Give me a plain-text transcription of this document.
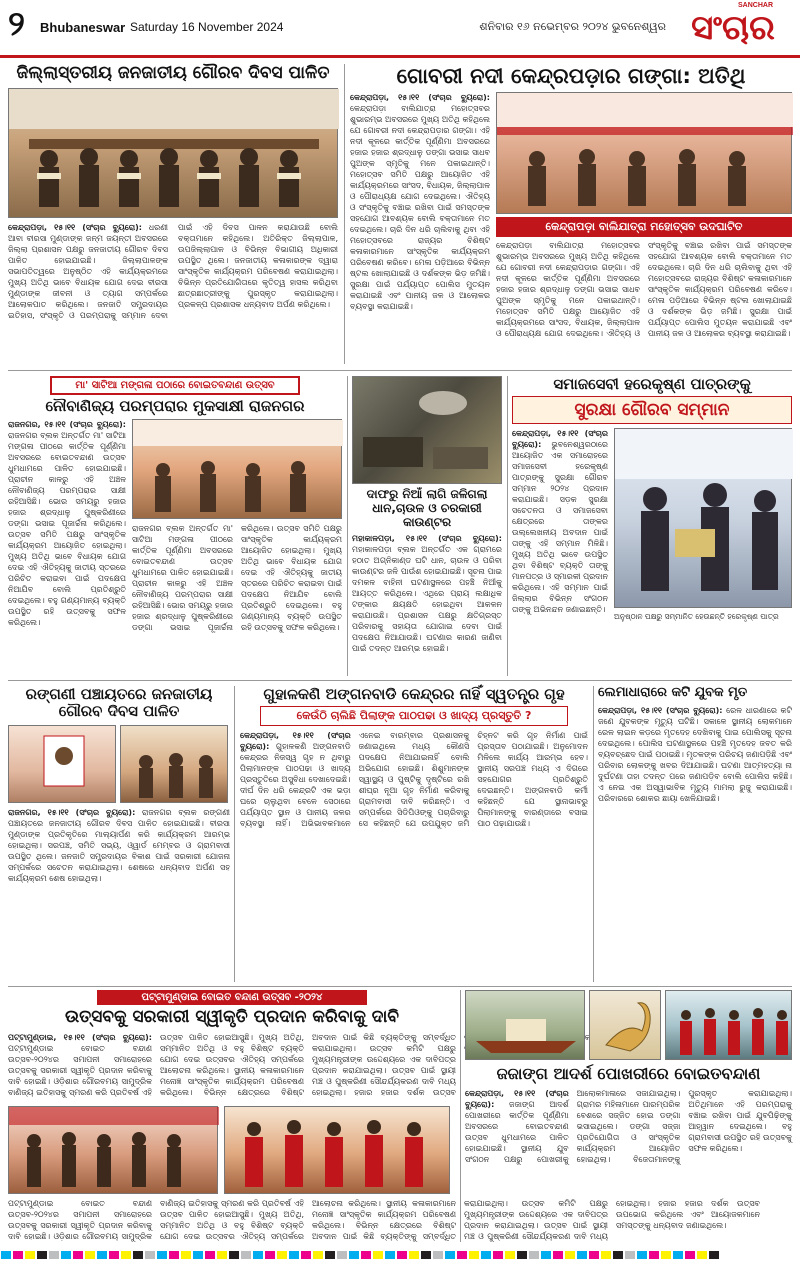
୨ Bhubaneswar Saturday 16 November 2024	ଶନିବାର ୧୬ ନଭେମ୍ବର ୨୦୨୪ ଭୁବନେଶ୍ୱର ସଂଚାର
SANCHAR
ଜିଲ୍ଲାସ୍ତରୀୟ ଜନଜାତୀୟ ଗୌରବ ଦିବସ ପାଳିତ
କେନ୍ଦ୍ରାପଡ଼ା, ୧୫।୧୧ (ସଂଚାର ବ୍ୟୁରୋ): ଧରଣୀ ଆବା ବୀରସା ମୁଣ୍ଡାଙ୍କ ଜନ୍ମ ଜୟନ୍ତୀ ଅବସରରେ ଜିଲ୍ଲା ପ୍ରଶାସନ ପକ୍ଷରୁ ଜନଜାତୀୟ ଗୌରବ ଦିବସ ପାଳିତ ହୋଇଯାଇଛି। ଜିଲ୍ଲାପାଳଙ୍କ ସଭାପତିତ୍ୱରେ ଅନୁଷ୍ଠିତ ଏହି କାର୍ଯ୍ୟକ୍ରମରେ ମୁଖ୍ୟ ଅତିଥି ଭାବେ ବିଧାୟକ ଯୋଗ ଦେଇ ବୀରସା ମୁଣ୍ଡାଙ୍କ ଜୀବନୀ ଓ ତ୍ୟାଗ ସମ୍ପର୍କରେ ଆଲୋକପାତ କରିଥିଲେ। ଜନଜାତି ସମ୍ପ୍ରଦାୟର ଇତିହାସ, ସଂସ୍କୃତି ଓ ପରମ୍ପରାକୁ ସମ୍ମାନ ଦେବା ପାଇଁ ଏହି ଦିବସ ପାଳନ କରାଯାଉଛି ବୋଲି ବକ୍ତାମାନେ କହିଥିଲେ। ଅତିରିକ୍ତ ଜିଲ୍ଲାପାଳ, ଉପଜିଲ୍ଲାପାଳ ଓ ବିଭିନ୍ନ ବିଭାଗୀୟ ଅଧିକାରୀ ଉପସ୍ଥିତ ଥିଲେ। ଜନଜାତୀୟ କଳାକାରଙ୍କ ଦ୍ୱାରା ସାଂସ୍କୃତିକ କାର୍ଯ୍ୟକ୍ରମ ପରିବେଷଣ କରାଯାଇଥିଲା। ବିଭିନ୍ନ ପ୍ରତିଯୋଗିତାରେ କୃତିତ୍ୱ ହାସଲ କରିଥିବା ଛାତ୍ରଛାତ୍ରୀଙ୍କୁ ପୁରସ୍କୃତ କରାଯାଇଥିଲା। ପ୍ରକଳ୍ପ ପ୍ରଶାସକ ଧନ୍ୟବାଦ ଅର୍ପଣ କରିଥିଲେ।
ଗୋବରୀ ନଦୀ କେନ୍ଦ୍ରପଡ଼ାର ଗଙ୍ଗା: ଅତିଥି
କେନ୍ଦ୍ରାପଡ଼ା, ୧୫।୧୧ (ସଂଚାର ବ୍ୟୁରୋ): କେନ୍ଦ୍ରାପଡ଼ା ବାଲିଯାତ୍ରା ମହୋତ୍ସବର ଶୁଭାରମ୍ଭ ଅବସରରେ ମୁଖ୍ୟ ଅତିଥି କହିଥିଲେ ଯେ ଗୋବରୀ ନଦୀ କେନ୍ଦ୍ରାପଡ଼ାର ଗଙ୍ଗା। ଏହି ନଦୀ କୂଳରେ କାର୍ତ୍ତିକ ପୂର୍ଣ୍ଣିମା ଅବସରରେ ହଜାର ହଜାର ଶ୍ରଦ୍ଧାଳୁ ଡଙ୍ଗା ଭସାଇ ସାଧବ ପୁଅଙ୍କ ସ୍ମୃତିକୁ ମନେ ପକାଇଥାନ୍ତି। ମହୋତ୍ସବ ସମିତି ପକ୍ଷରୁ ଆୟୋଜିତ ଏହି କାର୍ଯ୍ୟକ୍ରମରେ ସାଂସଦ, ବିଧାୟକ, ଜିଲ୍ଲାପାଳ ଓ ପୌରାଧ୍ୟକ୍ଷ ଯୋଗ ଦେଇଥିଲେ। ଐତିହ୍ୟ ଓ ସଂସ୍କୃତିକୁ ବଞ୍ଚାଇ ରଖିବା ପାଇଁ ସମସ୍ତଙ୍କ ସହଯୋଗ ଆବଶ୍ୟକ ବୋଲି ବକ୍ତାମାନେ ମତ ଦେଇଥିଲେ। ଚାରି ଦିନ ଧରି ଚାଲିବାକୁ ଥିବା ଏହି ମହୋତ୍ସବରେ ରାଜ୍ୟର ବିଶିଷ୍ଟ କଳାକାରମାନେ ସାଂସ୍କୃତିକ କାର୍ଯ୍ୟକ୍ରମ ପରିବେଷଣ କରିବେ। ମେଳା ପଡ଼ିଆରେ ବିଭିନ୍ନ ଷ୍ଟଲ ଖୋଲାଯାଇଛି ଓ ଦର୍ଶକଙ୍କ ଭିଡ଼ ଜମିଛି। ସୁରକ୍ଷା ପାଇଁ ପର୍ଯ୍ୟାପ୍ତ ପୋଲିସ ମୁତୟନ କରାଯାଇଛି ଏବଂ ପାନୀୟ ଜଳ ଓ ଆଲୋକର ବ୍ୟବସ୍ଥା କରାଯାଇଛି।
କେନ୍ଦ୍ରାପଡ଼ା ବାଲିଯାତ୍ରା ମହୋତ୍ସବ ଉଦଘାଟିତ
କେନ୍ଦ୍ରାପଡ଼ା ବାଲିଯାତ୍ରା ମହୋତ୍ସବର ଶୁଭାରମ୍ଭ ଅବସରରେ ମୁଖ୍ୟ ଅତିଥି କହିଥିଲେ ଯେ ଗୋବରୀ ନଦୀ କେନ୍ଦ୍ରାପଡ଼ାର ଗଙ୍ଗା। ଏହି ନଦୀ କୂଳରେ କାର୍ତ୍ତିକ ପୂର୍ଣ୍ଣିମା ଅବସରରେ ହଜାର ହଜାର ଶ୍ରଦ୍ଧାଳୁ ଡଙ୍ଗା ଭସାଇ ସାଧବ ପୁଅଙ୍କ ସ୍ମୃତିକୁ ମନେ ପକାଇଥାନ୍ତି। ମହୋତ୍ସବ ସମିତି ପକ୍ଷରୁ ଆୟୋଜିତ ଏହି କାର୍ଯ୍ୟକ୍ରମରେ ସାଂସଦ, ବିଧାୟକ, ଜିଲ୍ଲାପାଳ ଓ ପୌରାଧ୍ୟକ୍ଷ ଯୋଗ ଦେଇଥିଲେ। ଐତିହ୍ୟ ଓ ସଂସ୍କୃତିକୁ ବଞ୍ଚାଇ ରଖିବା ପାଇଁ ସମସ୍ତଙ୍କ ସହଯୋଗ ଆବଶ୍ୟକ ବୋଲି ବକ୍ତାମାନେ ମତ ଦେଇଥିଲେ। ଚାରି ଦିନ ଧରି ଚାଲିବାକୁ ଥିବା ଏହି ମହୋତ୍ସବରେ ରାଜ୍ୟର ବିଶିଷ୍ଟ କଳାକାରମାନେ ସାଂସ୍କୃତିକ କାର୍ଯ୍ୟକ୍ରମ ପରିବେଷଣ କରିବେ। ମେଳା ପଡ଼ିଆରେ ବିଭିନ୍ନ ଷ୍ଟଲ ଖୋଲାଯାଇଛି ଓ ଦର୍ଶକଙ୍କ ଭିଡ଼ ଜମିଛି। ସୁରକ୍ଷା ପାଇଁ ପର୍ଯ୍ୟାପ୍ତ ପୋଲିସ ମୁତୟନ କରାଯାଇଛି ଏବଂ ପାନୀୟ ଜଳ ଓ ଆଲୋକର ବ୍ୟବସ୍ଥା କରାଯାଇଛି।
ମା' ସାଟିଆ ମଙ୍ଗଳା ପଠାରେ ବୋଇତବନ୍ଦାଣ ଉତ୍ସବ
ନୌବାଣିଜ୍ୟ ପରମ୍ପରାର ମୁକସାକ୍ଷୀ ରାଜନଗର
ରାଜନଗର, ୧୫।୧୧ (ସଂଚାର ବ୍ୟୁରୋ): ରାଜନଗର ବ୍ଲକ ଅନ୍ତର୍ଗତ ମା' ସାଟିଆ ମଙ୍ଗଳା ପୀଠରେ କାର୍ତ୍ତିକ ପୂର୍ଣ୍ଣିମା ଅବସରରେ ବୋଇତବନ୍ଦାଣ ଉତ୍ସବ ଧୁମଧାମରେ ପାଳିତ ହୋଇଯାଇଛି। ପ୍ରାଚୀନ କାଳରୁ ଏହି ଅଞ୍ଚଳ ନୌବାଣିଜ୍ୟ ପରମ୍ପରାର ସାକ୍ଷୀ ରହିଆସିଛି। ଭୋର ସମୟରୁ ହଜାର ହଜାର ଶ୍ରଦ୍ଧାଳୁ ପୁଷ୍କରିଣୀରେ ଡଙ୍ଗା ଭସାଇ ପୂଜାର୍ଚ୍ଚନା କରିଥିଲେ। ଉତ୍ସବ ସମିତି ପକ୍ଷରୁ ସାଂସ୍କୃତିକ କାର୍ଯ୍ୟକ୍ରମ ଆୟୋଜିତ ହୋଇଥିଲା। ମୁଖ୍ୟ ଅତିଥି ଭାବେ ବିଧାୟକ ଯୋଗ ଦେଇ ଏହି ଐତିହ୍ୟକୁ ଜାତୀୟ ସ୍ତରରେ ପରିଚିତ କରାଇବା ପାଇଁ ପଦକ୍ଷେପ ନିଆଯିବ ବୋଲି ପ୍ରତିଶ୍ରୁତି ଦେଇଥିଲେ। ବହୁ ଗଣ୍ୟମାନ୍ୟ ବ୍ୟକ୍ତି ଉପସ୍ଥିତ ରହି ଉତ୍ସବକୁ ସଫଳ କରିଥିଲେ।
ରାଜନଗର ବ୍ଲକ ଅନ୍ତର୍ଗତ ମା' ସାଟିଆ ମଙ୍ଗଳା ପୀଠରେ କାର୍ତ୍ତିକ ପୂର୍ଣ୍ଣିମା ଅବସରରେ ବୋଇତବନ୍ଦାଣ ଉତ୍ସବ ଧୁମଧାମରେ ପାଳିତ ହୋଇଯାଇଛି। ପ୍ରାଚୀନ କାଳରୁ ଏହି ଅଞ୍ଚଳ ନୌବାଣିଜ୍ୟ ପରମ୍ପରାର ସାକ୍ଷୀ ରହିଆସିଛି। ଭୋର ସମୟରୁ ହଜାର ହଜାର ଶ୍ରଦ୍ଧାଳୁ ପୁଷ୍କରିଣୀରେ ଡଙ୍ଗା ଭସାଇ ପୂଜାର୍ଚ୍ଚନା କରିଥିଲେ। ଉତ୍ସବ ସମିତି ପକ୍ଷରୁ ସାଂସ୍କୃତିକ କାର୍ଯ୍ୟକ୍ରମ ଆୟୋଜିତ ହୋଇଥିଲା। ମୁଖ୍ୟ ଅତିଥି ଭାବେ ବିଧାୟକ ଯୋଗ ଦେଇ ଏହି ଐତିହ୍ୟକୁ ଜାତୀୟ ସ୍ତରରେ ପରିଚିତ କରାଇବା ପାଇଁ ପଦକ୍ଷେପ ନିଆଯିବ ବୋଲି ପ୍ରତିଶ୍ରୁତି ଦେଇଥିଲେ। ବହୁ ଗଣ୍ୟମାନ୍ୟ ବ୍ୟକ୍ତି ଉପସ୍ଥିତ ରହି ଉତ୍ସବକୁ ସଫଳ କରିଥିଲେ।
ଦାଫରୁ ନିଆଁ ଲାଗି ଜଳିଗଲା ଧାନ,ଚାଉଳ ଓ ଚରକାରୀ କାଉଣ୍ଟର
ମହାକାଳପଡ଼ା, ୧୫।୧୧ (ସଂଚାର ବ୍ୟୁରୋ): ମହାକାଳପଡ଼ା ବ୍ଲକ ଅନ୍ତର୍ଗତ ଏକ ଗ୍ରାମରେ ହଠାତ ଅଗ୍ନିକାଣ୍ଡ ଘଟି ଧାନ, ଚାଉଳ ଓ ପରିବା କାଉଣ୍ଟର ଜଳି ପାଉଁଶ ହୋଇଯାଇଛି। ସୂଚନା ପାଇ ଦମକଳ ବାହିନୀ ଘଟଣାସ୍ଥଳରେ ପହଞ୍ଚି ନିଆଁକୁ ଆୟତ୍ତ କରିଥିଲେ। ଏଥିରେ ପ୍ରାୟ ଲକ୍ଷାଧିକ ଟଙ୍କାର କ୍ଷୟକ୍ଷତି ହୋଇଥିବା ଆକଳନ କରାଯାଉଛି। ପ୍ରଶାସନ ପକ୍ଷରୁ କ୍ଷତିଗ୍ରସ୍ତ ପରିବାରକୁ ସହାୟତା ଯୋଗାଇ ଦେବା ପାଇଁ ପଦକ୍ଷେପ ନିଆଯାଉଛି। ଘଟଣାର କାରଣ ଜାଣିବା ପାଇଁ ତଦନ୍ତ ଆରମ୍ଭ ହୋଇଛି।
ସମାଜସେବୀ ହରେକୃଷ୍ଣ ପାତ୍ରଙ୍କୁ
ସୁରକ୍ଷା ଗୌରବ ସମ୍ମାନ
କେନ୍ଦ୍ରାପଡ଼ା, ୧୫।୧୧ (ସଂଚାର ବ୍ୟୁରୋ): ଭୁବନେଶ୍ୱରଠାରେ ଆୟୋଜିତ ଏକ ସମାରୋହରେ ସମାଜସେବୀ ହରେକୃଷ୍ଣ ପାତ୍ରଙ୍କୁ ସୁରକ୍ଷା ଗୌରବ ସମ୍ମାନ ୨୦୨୪ ପ୍ରଦାନ କରାଯାଇଛି। ସଡ଼କ ସୁରକ୍ଷା ସଚେତନତା ଓ ସମାଜସେବା କ୍ଷେତ୍ରରେ ତାଙ୍କର ଉଲ୍ଲେଖନୀୟ ଅବଦାନ ପାଇଁ ତାଙ୍କୁ ଏହି ସମ୍ମାନ ମିଳିଛି। ମୁଖ୍ୟ ଅତିଥି ଭାବେ ଉପସ୍ଥିତ ଥିବା ବିଶିଷ୍ଟ ବ୍ୟକ୍ତି ତାଙ୍କୁ ମାନପତ୍ର ଓ ସ୍ମାରକୀ ପ୍ରଦାନ କରିଥିଲେ। ଏହି ସମ୍ମାନ ପାଇଁ ଜିଲ୍ଲାର ବିଭିନ୍ନ ସଂଗଠନ ତାଙ୍କୁ ଅଭିନନ୍ଦନ ଜଣାଇଛନ୍ତି।
ଅନୁଷ୍ଠାନ ପକ୍ଷରୁ ସମ୍ମାନିତ ହେଉଛନ୍ତି ହରେକୃଷ୍ଣ ପାତ୍ର
ରଙ୍ଗଣୀ ପଞ୍ଚାୟତରେ ଜନଜାତୀୟ ଗୌରବ ଦିବସ ପାଳିତ
ରାଜନଗର, ୧୫।୧୧ (ସଂଚାର ବ୍ୟୁରୋ): ରାଜନଗର ବ୍ଲକ ରଙ୍ଗଣୀ ପଞ୍ଚାୟତରେ ଜନଜାତୀୟ ଗୌରବ ଦିବସ ପାଳିତ ହୋଇଯାଇଛି। ବୀରସା ମୁଣ୍ଡାଙ୍କ ପ୍ରତିକୃତିରେ ମାଲ୍ୟାର୍ପଣ କରି କାର୍ଯ୍ୟକ୍ରମ ଆରମ୍ଭ ହୋଇଥିଲା। ସରପଞ୍ଚ, ସମିତି ସଭ୍ୟ, ଓ୍ୱାର୍ଡ ମେମ୍ବର ଓ ଗ୍ରାମବାସୀ ଉପସ୍ଥିତ ଥିଲେ। ଜନଜାତି ସମ୍ପ୍ରଦାୟର ବିକାଶ ପାଇଁ ସରକାରୀ ଯୋଜନା ସମ୍ପର୍କରେ ସଚେତନ କରାଯାଇଥିଲା। ଶେଷରେ ଧନ୍ୟବାଦ ଅର୍ପଣ ସହ କାର୍ଯ୍ୟକ୍ରମ ଶେଷ ହୋଇଥିଲା।
ଗୁହାଳକଣି ଅଙ୍ଗନବାଡି କେନ୍ଦ୍ରର ନାହିଁ ସ୍ୱତନ୍ତ୍ର ଗୃହ
କେଉଁଠି ଚାଲିଛି ପିଲାଙ୍କ ପାଠପଢା ଓ ଖାଦ୍ୟ ପ୍ରସ୍ତୁତି ?
କେନ୍ଦ୍ରାପଡ଼ା, ୧୫।୧୧ (ସଂଚାର ବ୍ୟୁରୋ): ଗୁହାଳକଣି ଅଙ୍ଗନବାଡି କେନ୍ଦ୍ରର ନିଜସ୍ୱ ଗୃହ ନ ଥିବାରୁ ପିଲାମାନଙ୍କ ପାଠପଢା ଓ ଖାଦ୍ୟ ପ୍ରସ୍ତୁତିରେ ଅସୁବିଧା ଦେଖାଦେଇଛି। ଦୀର୍ଘ ଦିନ ଧରି କେନ୍ଦ୍ରଟି ଏକ ଭଡ଼ା ଘରେ ଚାଲୁଥିବା ବେଳେ ସେଠାରେ ପର୍ଯ୍ୟାପ୍ତ ସ୍ଥାନ ଓ ପାନୀୟ ଜଳର ବ୍ୟବସ୍ଥା ନାହିଁ। ଅଭିଭାବକମାନେ ଏନେଇ ବାରମ୍ବାର ପ୍ରଶାସନକୁ ଜଣାଇଥିଲେ ମଧ୍ୟ କୌଣସି ପଦକ୍ଷେପ ନିଆଯାଇନାହିଁ ବୋଲି ଅଭିଯୋଗ ହୋଇଛି। ଶିଶୁମାନଙ୍କ ସ୍ୱାସ୍ଥ୍ୟ ଓ ପୁଷ୍ଟିକୁ ଦୃଷ୍ଟିରେ ରଖି ଶୀଘ୍ର ନୂଆ ଗୃହ ନିର୍ମାଣ କରିବାକୁ ଗ୍ରାମବାସୀ ଦାବି କରିଛନ୍ତି। ଏ ସମ୍ପର୍କରେ ସିଡିପିଓଙ୍କୁ ପଚାରିବାରୁ ସେ କହିଛନ୍ତି ଯେ ଉପଯୁକ୍ତ ଜମି ଚିହ୍ନଟ କରି ଗୃହ ନିର୍ମାଣ ପାଇଁ ପ୍ରସ୍ତାବ ପଠାଯାଇଛି। ଅନୁମୋଦନ ମିଳିଲେ କାର୍ଯ୍ୟ ଆରମ୍ଭ ହେବ। ସ୍ଥାନୀୟ ସରପଞ୍ଚ ମଧ୍ୟ ଏ ଦିଗରେ ସହଯୋଗର ପ୍ରତିଶ୍ରୁତି ଦେଇଛନ୍ତି। ଅଙ୍ଗନବାଡି କର୍ମୀ କହିଛନ୍ତି ଯେ ସ୍ଥାନାଭାବରୁ ପିଲାମାନଙ୍କୁ ବାରଣ୍ଡାରେ ବସାଇ ପାଠ ପଢ଼ାଯାଉଛି।
ଲେମାଧାରାରେ କଟି ଯୁବକ ମୃତ
କେନ୍ଦ୍ରାପଡ଼ା, ୧୫।୧୧ (ସଂଚାର ବ୍ୟୁରୋ): ରେଳ ଧାରଣାରେ କଟି ଜଣେ ଯୁବକଙ୍କ ମୃତ୍ୟୁ ଘଟିଛି। ସକାଳେ ସ୍ଥାନୀୟ ଲୋକମାନେ ରେଳ ଲାଇନ କଡ଼ରେ ମୃତଦେହ ଦେଖିବାକୁ ପାଇ ପୋଲିସକୁ ସୂଚନା ଦେଇଥିଲେ। ପୋଲିସ ଘଟଣାସ୍ଥଳରେ ପହଞ୍ଚି ମୃତଦେହ ଜବତ କରି ବ୍ୟବଚ୍ଛେଦ ପାଇଁ ପଠାଇଛି। ମୃତକଙ୍କ ପରିଚୟ ଜଣାପଡ଼ିଛି ଏବଂ ପରିବାର ଲୋକଙ୍କୁ ଖବର ଦିଆଯାଇଛି। ଘଟଣା ଆତ୍ମହତ୍ୟା ନା ଦୁର୍ଘଟଣା ତାହା ତଦନ୍ତ ପରେ ଜଣାପଡ଼ିବ ବୋଲି ପୋଲିସ କହିଛି। ଏ ନେଇ ଏକ ଅସ୍ୱାଭାବିକ ମୃତ୍ୟୁ ମାମଲା ରୁଜୁ କରାଯାଇଛି। ପରିବାରରେ ଶୋକର ଛାୟା ଖେଳିଯାଇଛି।
ପଟ୍ଟାମୁଣ୍ଡାଇ ବୋଇତ ବନ୍ଦାଣ ଉତ୍ସବ -୨୦୨୪
ଉତ୍ସବକୁ ସରକାରୀ ସ୍ୱୀକୃତି ପ୍ରଦାନ କରିବାକୁ ଦାବି
ପଟ୍ଟାମୁଣ୍ଡାଇ, ୧୫।୧୧ (ସଂଚାର ବ୍ୟୁରୋ): ପଟ୍ଟାମୁଣ୍ଡାଇ ବୋଇତ ବନ୍ଦାଣ ଉତ୍ସବ-୨୦୨୪ର ସମାପନୀ ସମାରୋହରେ ଉତ୍ସବକୁ ସରକାରୀ ସ୍ୱୀକୃତି ପ୍ରଦାନ କରିବାକୁ ଦାବି ହୋଇଛି। ଓଡ଼ିଶାର ଗୌରବମୟ ସାମୁଦ୍ରିକ ବାଣିଜ୍ୟ ଇତିହାସକୁ ସ୍ମରଣ କରି ପ୍ରତିବର୍ଷ ଏହି ଉତ୍ସବ ପାଳିତ ହୋଇଆସୁଛି। ମୁଖ୍ୟ ଅତିଥି, ସମ୍ମାନିତ ଅତିଥି ଓ ବହୁ ବିଶିଷ୍ଟ ବ୍ୟକ୍ତି ଯୋଗ ଦେଇ ଉତ୍ସବର ଐତିହ୍ୟ ସମ୍ପର୍କରେ ଆଲୋଚନା କରିଥିଲେ। ସ୍ଥାନୀୟ କଳାକାରମାନେ ମନୋଜ୍ଞ ସାଂସ୍କୃତିକ କାର୍ଯ୍ୟକ୍ରମ ପରିବେଷଣ କରିଥିଲେ। ବିଭିନ୍ନ କ୍ଷେତ୍ରରେ ବିଶିଷ୍ଟ ଅବଦାନ ପାଇଁ କିଛି ବ୍ୟକ୍ତିଙ୍କୁ ସମ୍ବର୍ଦ୍ଧିତ କରାଯାଇଥିଲା। ଉତ୍ସବ କମିଟି ପକ୍ଷରୁ ମୁଖ୍ୟମନ୍ତ୍ରୀଙ୍କ ଉଦ୍ଦେଶ୍ୟରେ ଏକ ଦାବିପତ୍ର ପ୍ରଦାନ କରାଯାଇଥିଲା। ଉତ୍ସବ ପାଇଁ ସ୍ଥାୟୀ ମଞ୍ଚ ଓ ପୁଷ୍କରିଣୀ ସୌନ୍ଦର୍ଯ୍ୟକରଣ ଦାବି ମଧ୍ୟ ହୋଇଥିଲା। ହଜାର ହଜାର ଦର୍ଶକ ଉତ୍ସବ
ପଟ୍ଟାମୁଣ୍ଡାଇ ବୋଇତ ବନ୍ଦାଣ ଉତ୍ସବ-୨୦୨୪ର ସମାପନୀ ସମାରୋହରେ ଉତ୍ସବକୁ ସରକାରୀ ସ୍ୱୀକୃତି ପ୍ରଦାନ କରିବାକୁ ଦାବି ହୋଇଛି। ଓଡ଼ିଶାର ଗୌରବମୟ ସାମୁଦ୍ରିକ ବାଣିଜ୍ୟ ଇତିହାସକୁ ସ୍ମରଣ କରି ପ୍ରତିବର୍ଷ ଏହି ଉତ୍ସବ ପାଳିତ ହୋଇଆସୁଛି। ମୁଖ୍ୟ ଅତିଥି, ସମ୍ମାନିତ ଅତିଥି ଓ ବହୁ ବିଶିଷ୍ଟ ବ୍ୟକ୍ତି ଯୋଗ ଦେଇ ଉତ୍ସବର ଐତିହ୍ୟ ସମ୍ପର୍କରେ ଆଲୋଚନା କରିଥିଲେ। ସ୍ଥାନୀୟ କଳାକାରମାନେ ମନୋଜ୍ଞ ସାଂସ୍କୃତିକ କାର୍ଯ୍ୟକ୍ରମ ପରିବେଷଣ କରିଥିଲେ। ବିଭିନ୍ନ କ୍ଷେତ୍ରରେ ବିଶିଷ୍ଟ ଅବଦାନ ପାଇଁ କିଛି ବ୍ୟକ୍ତିଙ୍କୁ ସମ୍ବର୍ଦ୍ଧିତ କରାଯାଇଥିଲା। ଉତ୍ସବ କମିଟି ପକ୍ଷରୁ ମୁଖ୍ୟମନ୍ତ୍ରୀଙ୍କ ଉଦ୍ଦେଶ୍ୟରେ ଏକ ଦାବିପତ୍ର ପ୍ରଦାନ କରାଯାଇଥିଲା। ଉତ୍ସବ ପାଇଁ ସ୍ଥାୟୀ ମଞ୍ଚ ଓ ପୁଷ୍କରିଣୀ ସୌନ୍ଦର୍ଯ୍ୟକରଣ ଦାବି ମଧ୍ୟ ହୋଇଥିଲା। ହଜାର ହଜାର ଦର୍ଶକ ଉତ୍ସବ ଉପଭୋଗ କରିଥିଲେ ଏବଂ ଆୟୋଜକମାନେ ସମସ୍ତଙ୍କୁ ଧନ୍ୟବାଦ ଜଣାଇଥିଲେ।
ଜଜାଙ୍ଗ ଆଦର୍ଶ ପୋଖରୀରେ ବୋଇତବନ୍ଦାଣ
କେନ୍ଦ୍ରାପଡ଼ା, ୧୫।୧୧ (ସଂଚାର ବ୍ୟୁରୋ): ଜଜାଙ୍ଗ ଆଦର୍ଶ ପୋଖରୀରେ କାର୍ତ୍ତିକ ପୂର୍ଣ୍ଣିମା ଅବସରରେ ବୋଇତବନ୍ଦାଣ ଉତ୍ସବ ଧୁମଧାମରେ ପାଳିତ ହୋଇଯାଇଛି। ସ୍ଥାନୀୟ ଯୁବ ସଂଗଠନ ପକ୍ଷରୁ ପୋଖରୀକୁ ଆଲୋକମାଳାରେ ସଜାଯାଇଥିଲା। ଗ୍ରାମର ମହିଳାମାନେ ପାରମ୍ପରିକ ବେଶରେ ସଜ୍ଜିତ ହୋଇ ଡଙ୍ଗା ଭସାଇଥିଲେ। ଡଙ୍ଗା ସଜ୍ଜା ପ୍ରତିଯୋଗିତା ଓ ସାଂସ୍କୃତିକ କାର୍ଯ୍ୟକ୍ରମ ଆୟୋଜିତ ହୋଇଥିଲା। ବିଜେତାମାନଙ୍କୁ ପୁରସ୍କୃତ କରାଯାଇଥିଲା। ଅତିଥିମାନେ ଏହି ପରମ୍ପରାକୁ ବଞ୍ଚାଇ ରଖିବା ପାଇଁ ଯୁବପିଢ଼ିଙ୍କୁ ଆହ୍ୱାନ ଦେଇଥିଲେ। ବହୁ ଗ୍ରାମବାସୀ ଉପସ୍ଥିତ ରହି ଉତ୍ସବକୁ ସଫଳ କରିଥିଲେ।
